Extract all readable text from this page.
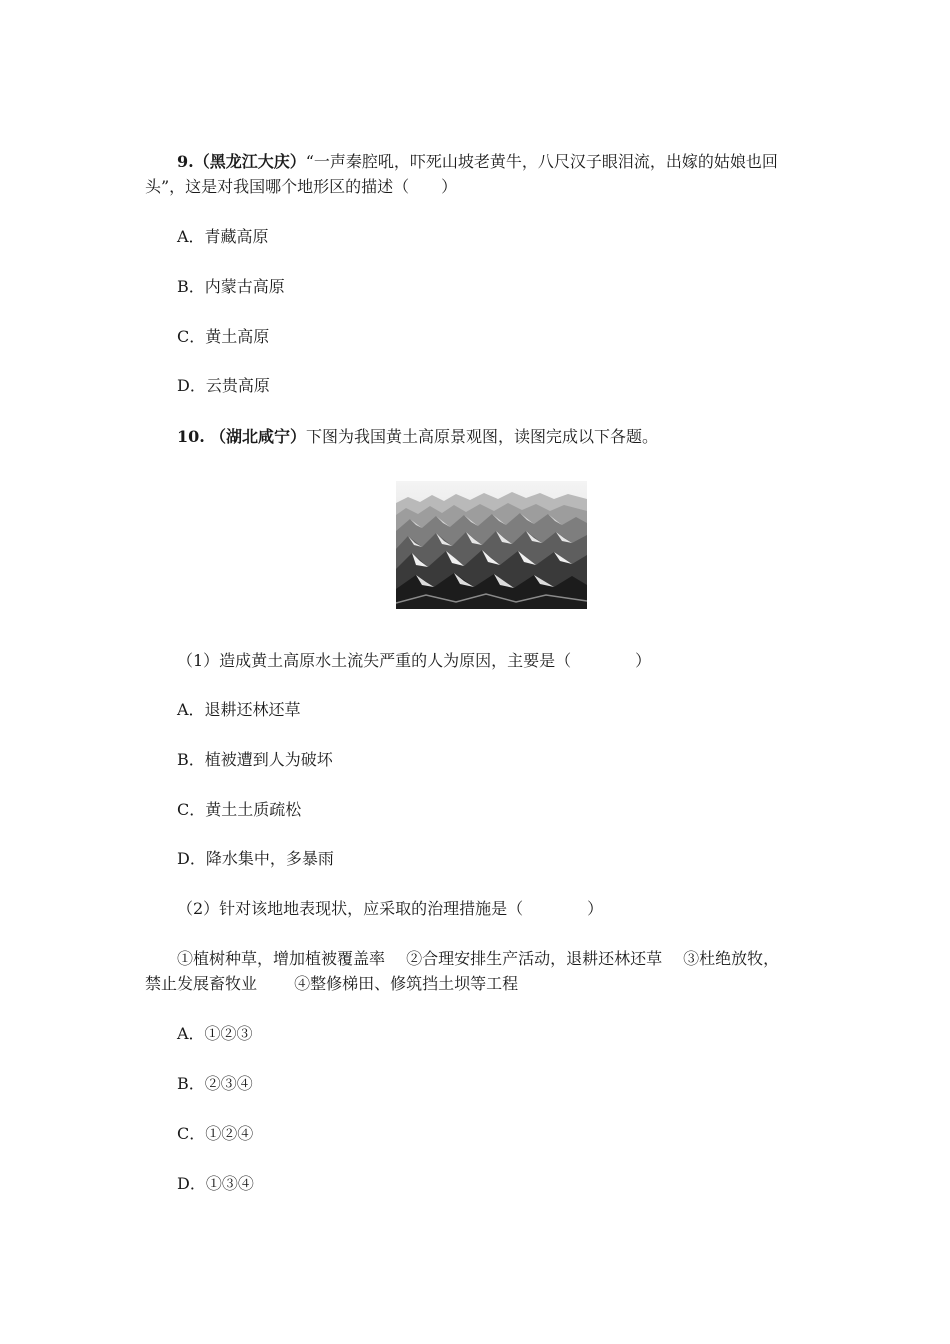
9.（黑龙江大庆）“一声秦腔吼，吓死山坡老黄牛，八尺汉子眼泪流，出嫁的姑娘也回
头”，这是对我国哪个地形区的描述（　　）
A．青藏高原
B．内蒙古高原
C．黄土高原
D．云贵高原
10. （湖北咸宁）下图为我国黄土高原景观图，读图完成以下各题。
（1）造成黄土高原水土流失严重的人为原因，主要是（　　　　）
A．退耕还林还草
B．植被遭到人为破坏
C．黄土土质疏松
D．降水集中，多暴雨
（2）针对该地地表现状，应采取的治理措施是（　　　　）
①植树种草，增加植被覆盖率　 ②合理安排生产活动，退耕还林还草　 ③杜绝放牧，
禁止发展畜牧业　　 ④整修梯田、修筑挡土坝等工程
A．①②③
B．②③④
C．①②④
D．①③④
